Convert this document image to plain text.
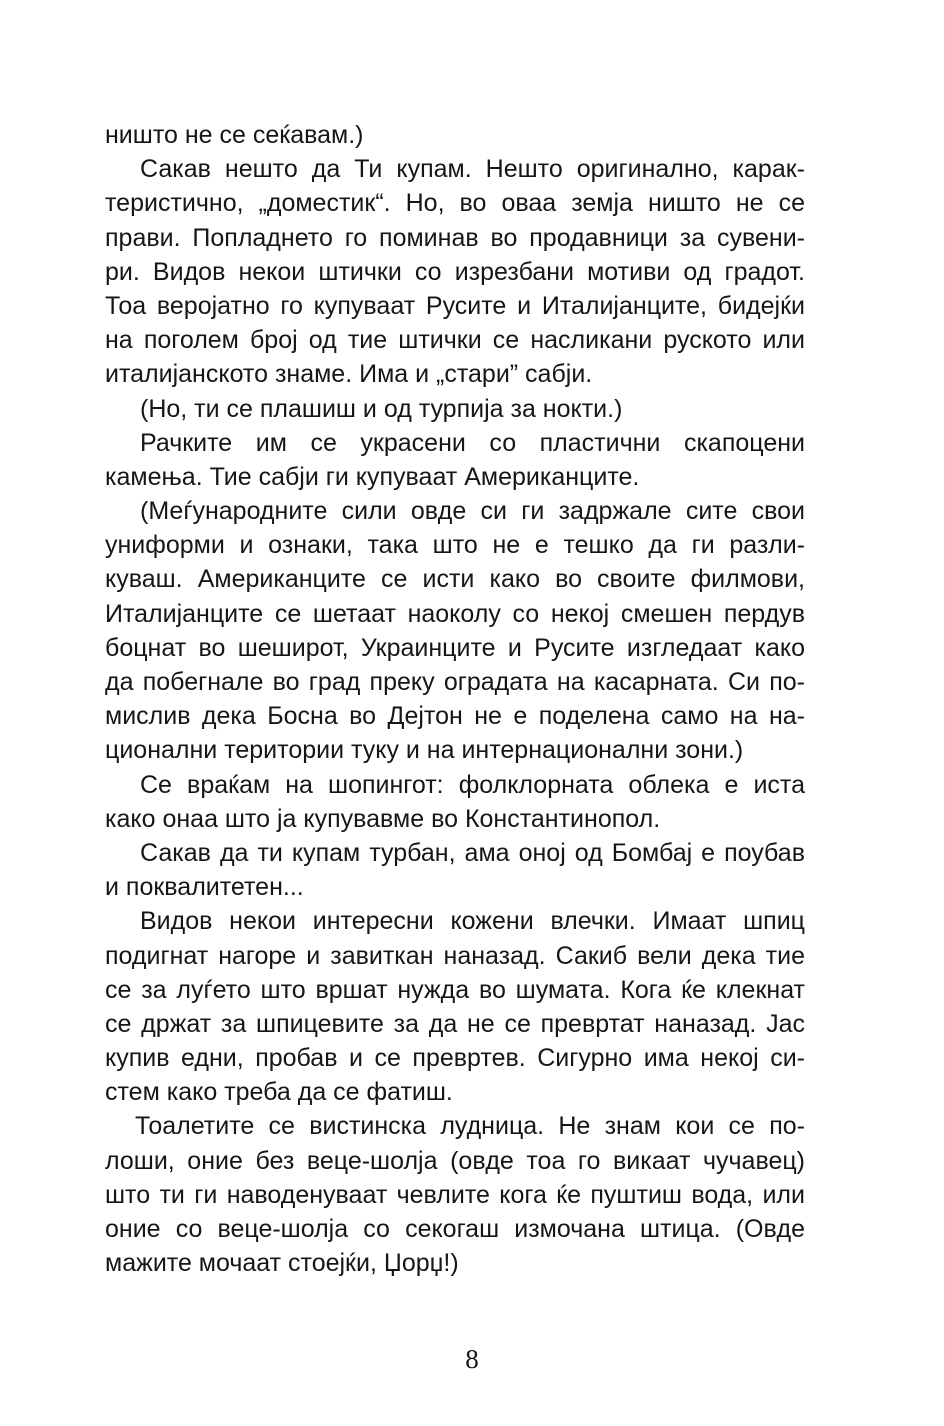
ништо не се сеќавам.)
Сакав нешто да Ти купам. Нешто оригинално, карак-
теристично, „доместик“. Но, во оваа земја ништо не се
прави. Попладнето го поминав во продавници за сувени-
ри. Видов некои штички со изрезбани мотиви од градот.
Тоа веројатно го купуваат Русите и Италијанците, бидејќи
на поголем број од тие штички се насликани руското или
италијанското знаме. Има и „стари” сабји.
(Но, ти се плашиш и од турпија за нокти.)
Рачките им се украсени со пластични скапоцени
камења. Тие сабји ги купуваат Американците.
(Меѓународните сили овде си ги задржале сите свои
униформи и ознаки, така што не е тешко да ги разли-
куваш. Американците се исти како во своите филмови,
Италијанците се шетаат наоколу со некој смешен пердув
боцнат во шеширот, Украинците и Русите изгледаат како
да побегнале во град преку оградата на касарната. Си по-
мислив дека Босна во Дејтон не е поделена само на на-
ционални територии туку и на интернационални зони.)
Се враќам на шопингот: фолклорната облека е иста
како онаа што ја купувавме во Константинопол.
Сакав да ти купам турбан, ама оној од Бомбај е поубав
и поквалитетен...
Видов некои интересни кожени влечки. Имаат шпиц
подигнат нагоре и завиткан наназад. Сакиб вели дека тие
се за луѓето што вршат нужда во шумата. Кога ќе клекнат
се држат за шпицевите за да не се превртат наназад. Јас
купив едни, пробав и се превртев. Сигурно има некој си-
стем како треба да се фатиш.
Тоалетите се вистинска лудница. Не знам кои се по-
лоши, оние без веце-шолја (овде тоа го викаат чучавец)
што ти ги наводенуваат чевлите кога ќе пуштиш вода, или
оние со веце-шолја со секогаш измочана штица. (Овде
мажите мочаат стоејќи, Џорџ!)
8
